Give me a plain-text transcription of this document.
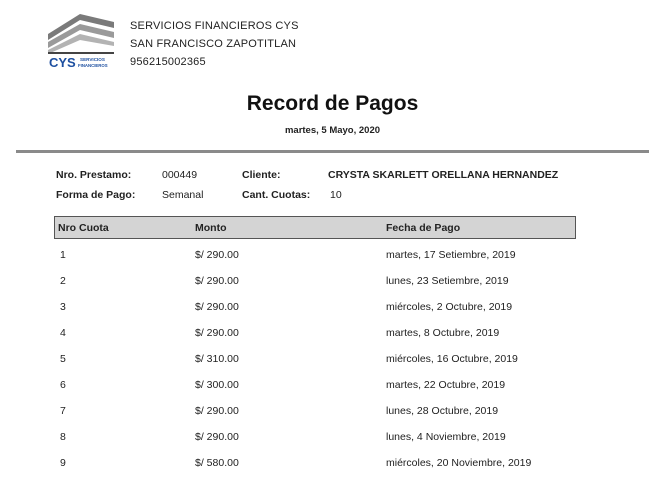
CYS SERVICIOS
FINANCIEROS
SERVICIOS FINANCIEROS CYS
SAN FRANCISCO ZAPOTITLAN
956215002365
Record de Pagos
martes, 5 Mayo, 2020
Nro. Prestamo:	000449	Cliente:	CRYSTA SKARLETT ORELLANA HERNANDEZ
Forma de Pago:	Semanal	Cant. Cuotas: 10
Nro Cuota	Monto	Fecha de Pago
1	$/ 290.00	martes, 17 Setiembre, 2019
2	$/ 290.00	lunes, 23 Setiembre, 2019
3	$/ 290.00	miércoles, 2 Octubre, 2019
4	$/ 290.00	martes, 8 Octubre, 2019
5	$/ 310.00	miércoles, 16 Octubre, 2019
6	$/ 300.00	martes, 22 Octubre, 2019
7	$/ 290.00	lunes, 28 Octubre, 2019
8	$/ 290.00	lunes, 4 Noviembre, 2019
9	$/ 580.00	miércoles, 20 Noviembre, 2019
